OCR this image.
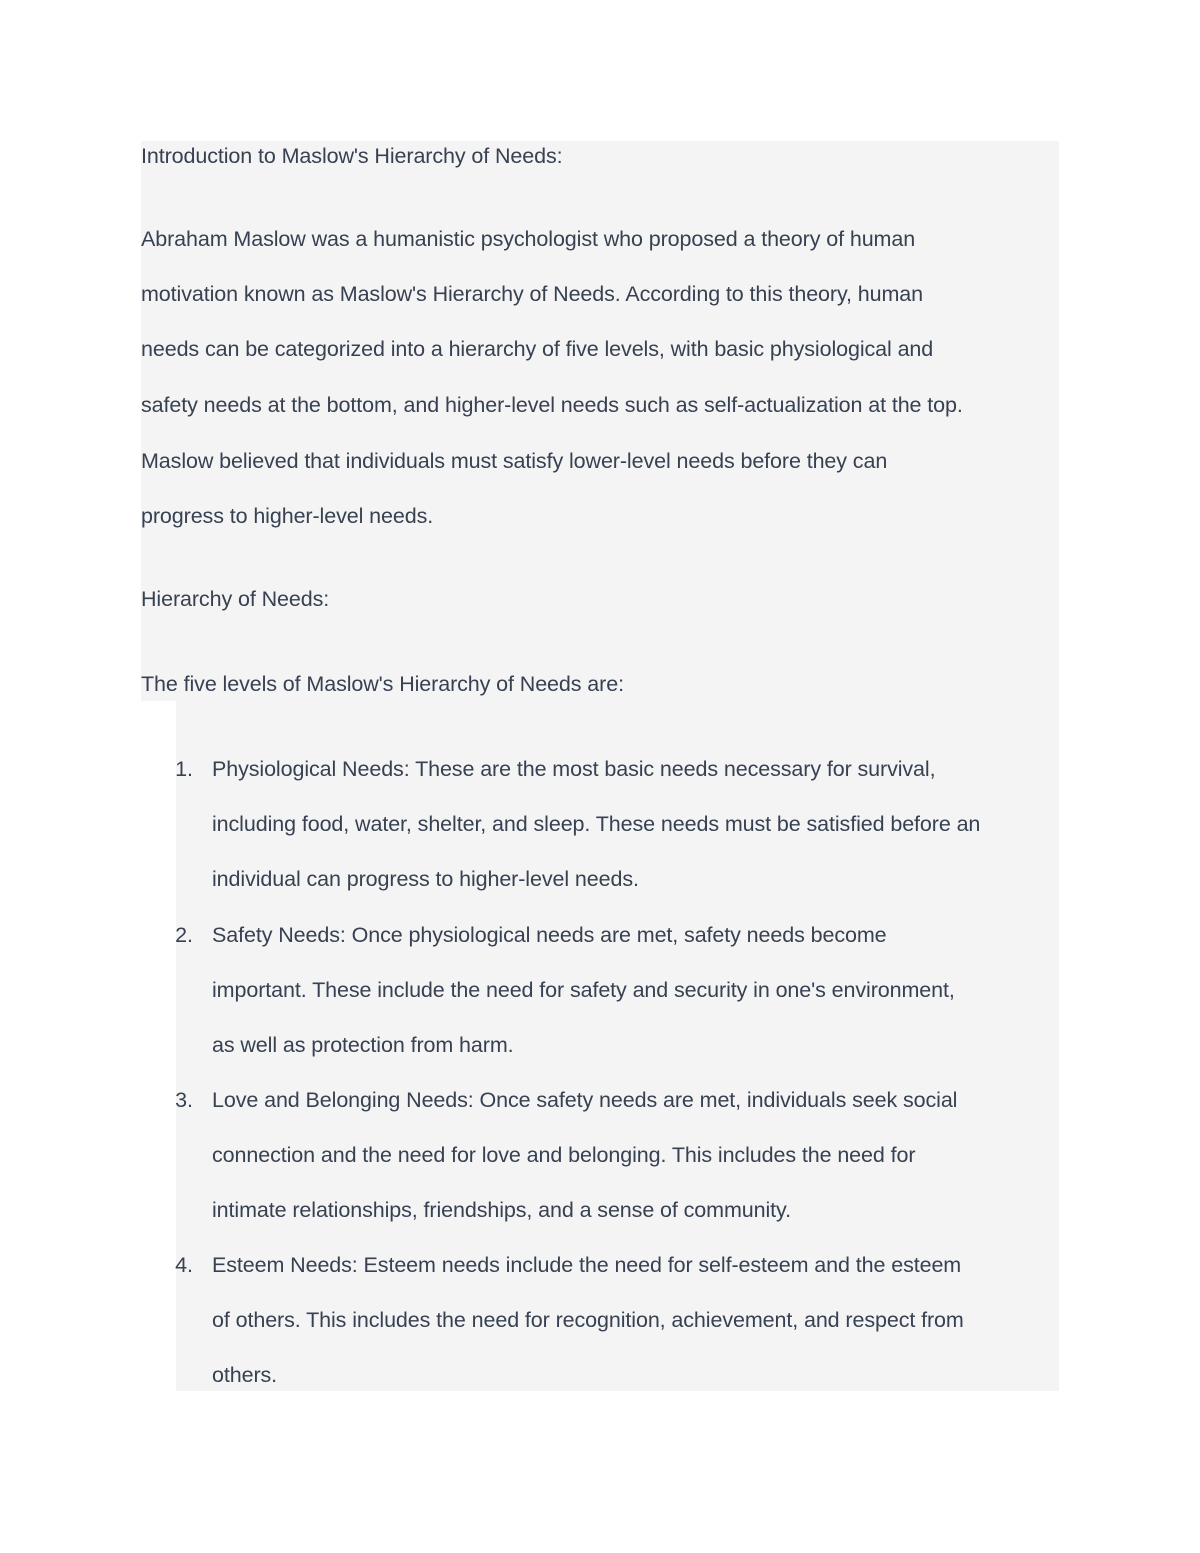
Introduction to Maslow's Hierarchy of Needs:
Abraham Maslow was a humanistic psychologist who proposed a theory of human
motivation known as Maslow's Hierarchy of Needs. According to this theory, human
needs can be categorized into a hierarchy of five levels, with basic physiological and
safety needs at the bottom, and higher-level needs such as self-actualization at the top.
Maslow believed that individuals must satisfy lower-level needs before they can
progress to higher-level needs.
Hierarchy of Needs:
The five levels of Maslow's Hierarchy of Needs are:
1. Physiological Needs: These are the most basic needs necessary for survival,
including food, water, shelter, and sleep. These needs must be satisfied before an
individual can progress to higher-level needs.
2. Safety Needs: Once physiological needs are met, safety needs become
important. These include the need for safety and security in one's environment,
as well as protection from harm.
3. Love and Belonging Needs: Once safety needs are met, individuals seek social
connection and the need for love and belonging. This includes the need for
intimate relationships, friendships, and a sense of community.
4. Esteem Needs: Esteem needs include the need for self-esteem and the esteem
of others. This includes the need for recognition, achievement, and respect from
others.
